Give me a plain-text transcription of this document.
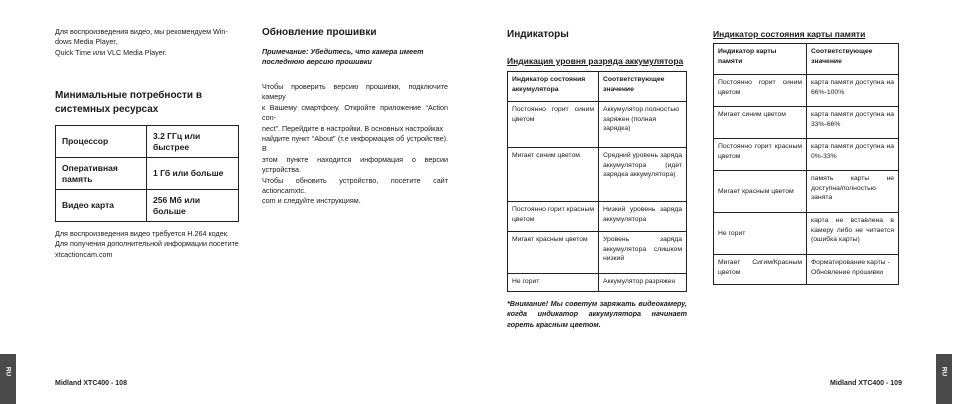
Для воспроизведения видео, мы рекомендуем Win-
dows Media Player,
Quick Time или VLC Media Player.
Минимальные потребности в
системных ресурсах
Процессор	3.2 ГГц или
быстрее

Оперативная
память	1 Гб или больше
Видео карта	256 Мб или
больше
Для воспроизведения видео требуется H.264 кодек.
Для получения дополнительной информации посетите
xtcactioncam.com
Обновление прошивки
Примечание: Убедитесь, что камера имеет
последнюю версию прошивки
Чтобы проверить версию прошивки, подключите камеру
к Вашему смартфону. Откройте приложение “Action con-
nect”. Перейдите в настройки. В основных настройках
найдите пункт “About” (т.е информация об устройстве). В
этом пункте находится информация о версии устройства.
Чтобы обновить устройство, посетите сайт actioncamxtc.
com и следуйте инструкциям.
RU
Midland XTC400 - 108
Индикаторы
Индикация уровня разряда аккумулятора
Индикатор состояния аккумулятора	Соответствующее значение
Постоянно горит синим цветом	Аккумулятор полностью заряжен (полная зарядка)
Мигает синим цветом	Средний уровень заряда аккумулятора (идет зарядка аккумулятора)
Постоянно горит красным цветом	Низкий уровень заряда аккумулятора
Мигает красным цветом	Уровень заряда аккумулятора слишком низкий
Не горит	Аккумулятор разряжен
*Внимание! Мы советум заряжать видеокамеру, когда индикатор аккумулятора начинает гореть красным цветом.
Индикатор состояния карты памяти
Индикатор карты памяти	Соответствующее значение
Постоянно горит синим цветом	карта памяти доступна на 66%-100%
Мигает синим цветом	карта памяти доступна на 33%-66%
Постоянно горит красным цветом	карта памяти доступна на 0%-33%
Мигает красным цветом	память карты не доступна/полностью занята
Не горит	карта не вставлена в камеру либо не читается (ошибка карты)
Мигает Сигим/Красным цветом	Форматирование карты - Обновление прошивки
Midland XTC400 - 109
RU
